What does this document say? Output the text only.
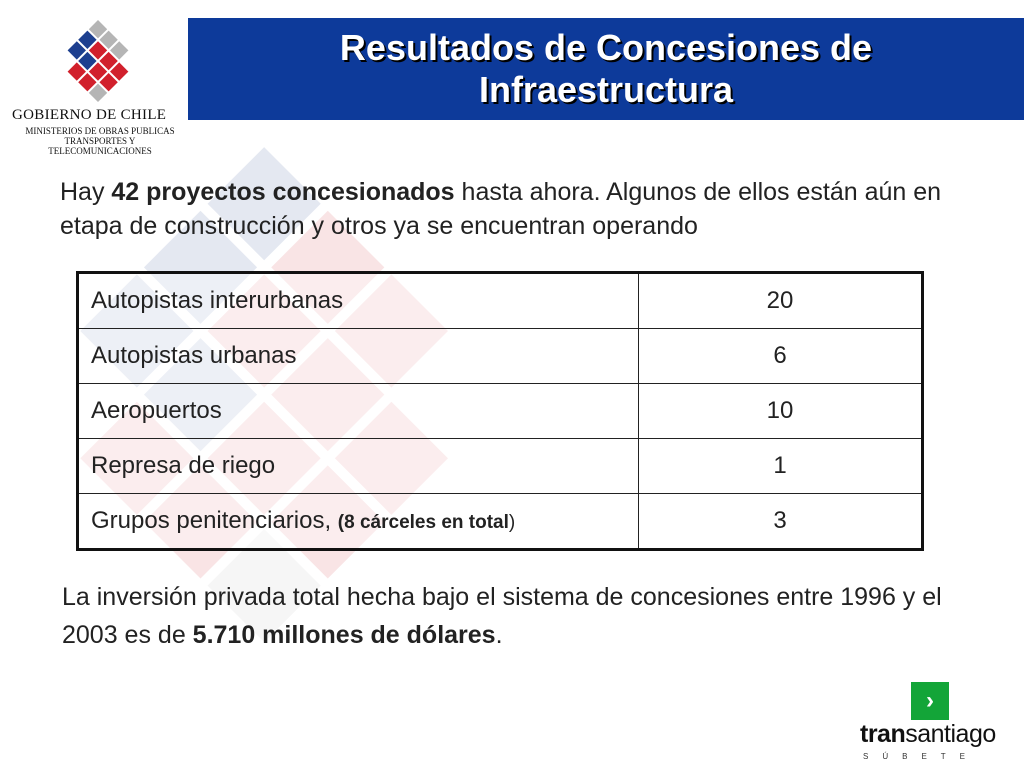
GOBIERNO DE CHILE
MINISTERIOS DE OBRAS PUBLICAS
TRANSPORTES Y
TELECOMUNICACIONES
Resultados de Concesiones de Infraestructura
Hay 42 proyectos concesionados hasta ahora. Algunos de ellos están aún en etapa de construcción y otros ya se encuentran operando
Autopistas interurbanas	20
Autopistas urbanas	6
Aeropuertos	10
Represa de riego	1
Grupos penitenciarios, (8 cárceles en total)	3
La inversión privada total hecha bajo el sistema de concesiones entre 1996 y el 2003 es de 5.710 millones de dólares.
›
transantiago
SÚBETE
